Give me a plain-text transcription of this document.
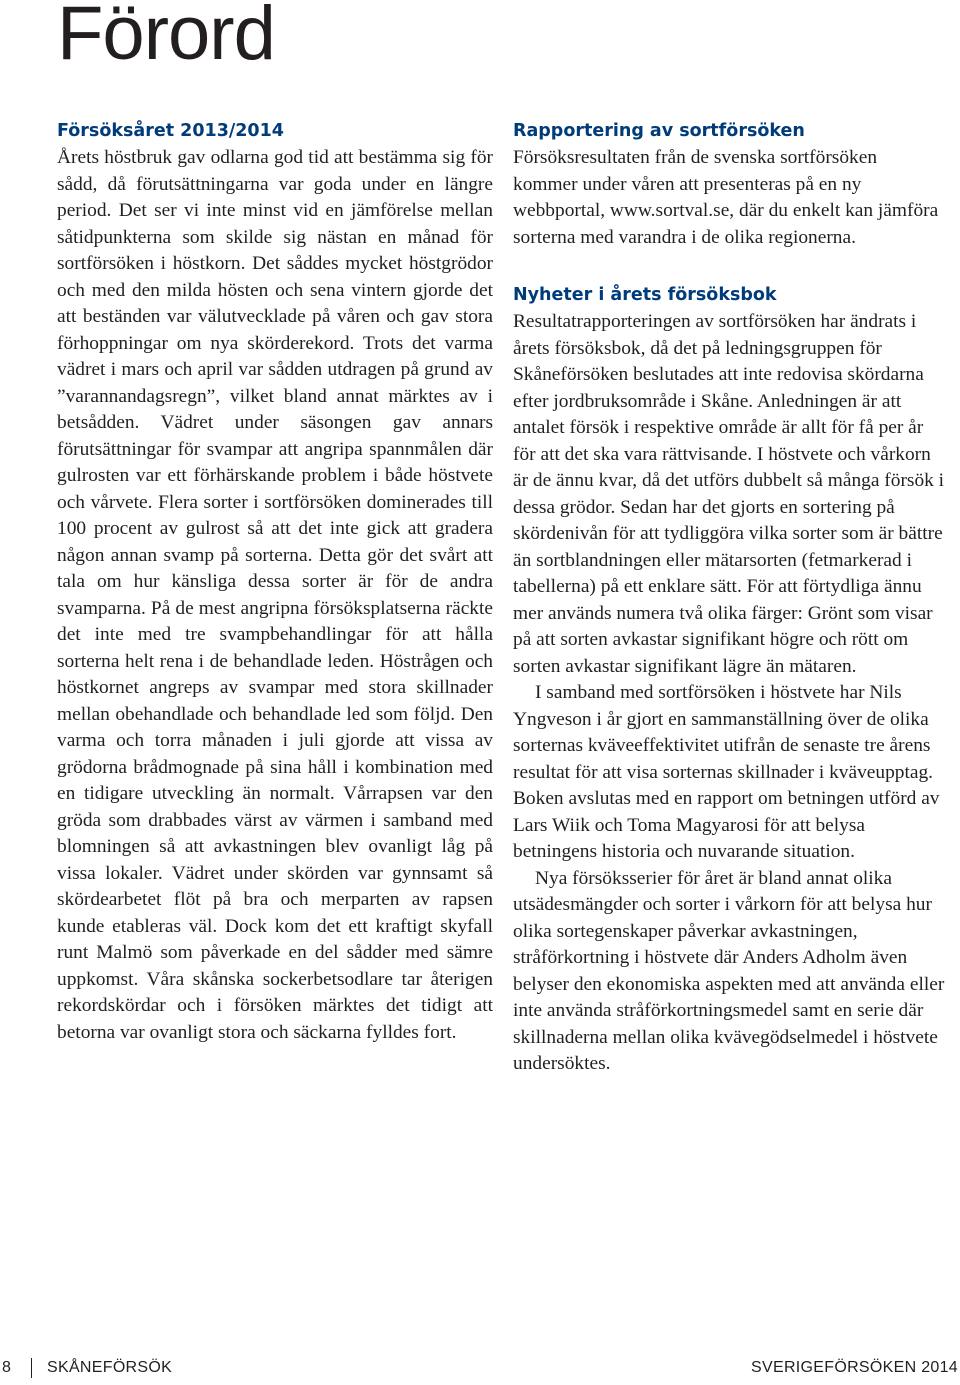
Förord
Försöksåret 2013/2014

Årets höstbruk gav odlarna god tid att bestämma sig för sådd, då förutsättningarna var goda under en längre period. Det ser vi inte minst vid en jämförelse mellan såtidpunkterna som skilde sig nästan en månad för sortförsöken i höstkorn. Det såddes mycket höstgrödor och med den milda hösten och sena vintern gjorde det att beständen var välutvecklade på våren och gav stora förhoppningar om nya skörderekord. Trots det varma vädret i mars och april var sådden utdragen på grund av ”varannandagsregn”, vilket bland annat märktes av i betsådden. Vädret under säsongen gav annars förutsättningar för svampar att angripa spannmålen där gulrosten var ett förhärskande problem i både höstvete och vårvete. Flera sorter i sortförsöken dominerades till 100 procent av gulrost så att det inte gick att gradera någon annan svamp på sorterna. Detta gör det svårt att tala om hur känsliga dessa sorter är för de andra svamparna. På de mest angripna försöksplatserna räckte det inte med tre svampbehandlingar för att hålla sorterna helt rena i de behandlade leden. Höstrågen och höstkornet angreps av svampar med stora skillnader mellan obehandlade och behandlade led som följd. Den varma och torra månaden i juli gjorde att vissa av grödorna brådmognade på sina håll i kombination med en tidigare utveckling än normalt. Vårrapsen var den gröda som drabbades värst av värmen i samband med blomningen så att avkastningen blev ovanligt låg på vissa lokaler. Vädret under skörden var gynnsamt så skördearbetet flöt på bra och merparten av rapsen kunde etableras väl. Dock kom det ett kraftigt skyfall runt Malmö som påverkade en del sådder med sämre uppkomst. Våra skånska sockerbetsodlare tar återigen rekordskördar och i försöken märktes det tidigt att betorna var ovanligt stora och säckarna fylldes fort.

Rapportering av sortförsöken

Försöksresultaten från de svenska sortförsöken kommer under våren att presenteras på en ny webbportal, www.sortval.se, där du enkelt kan jämföra sorterna med varandra i de olika regionerna.

Nyheter i årets försöksbok

Resultatrapporteringen av sortförsöken har ändrats i årets försöksbok, då det på ledningsgruppen för Skåneförsöken beslutades att inte redovisa skördarna efter jordbruksområde i Skåne. Anledningen är att antalet försök i respektive område är allt för få per år för att det ska vara rättvisande. I höstvete och vårkorn är de ännu kvar, då det utförs dubbelt så många försök i dessa grödor. Sedan har det gjorts en sortering på skördenivån för att tydliggöra vilka sorter som är bättre än sortblandningen eller mätarsorten (fetmarkerad i tabellerna) på ett enklare sätt. För att förtydliga ännu mer används numera två olika färger: Grönt som visar på att sorten avkastar signifikant högre och rött om sorten avkastar signifikant lägre än mätaren.

I samband med sortförsöken i höstvete har Nils Yngveson i år gjort en sammanställning över de olika sorternas kväveeffektivitet utifrån de senaste tre årens resultat för att visa sorternas skillnader i kväveupptag.

Boken avslutas med en rapport om betningen utförd av Lars Wiik och Toma Magyarosi för att belysa betningens historia och nuvarande situation.

Nya försöksserier för året är bland annat olika utsädesmängder och sorter i vårkorn för att belysa hur olika sortegenskaper påverkar avkastningen, stråförkortning i höstvete där Anders Adholm även belyser den ekonomiska aspekten med att använda eller inte använda stråförkortningsmedel samt en serie där skillnaderna mellan olika kvävegödselmedel i höstvete undersöktes.

8 SKÅNEFÖRSÖK	SVERIGEFÖRSÖKEN 2014
